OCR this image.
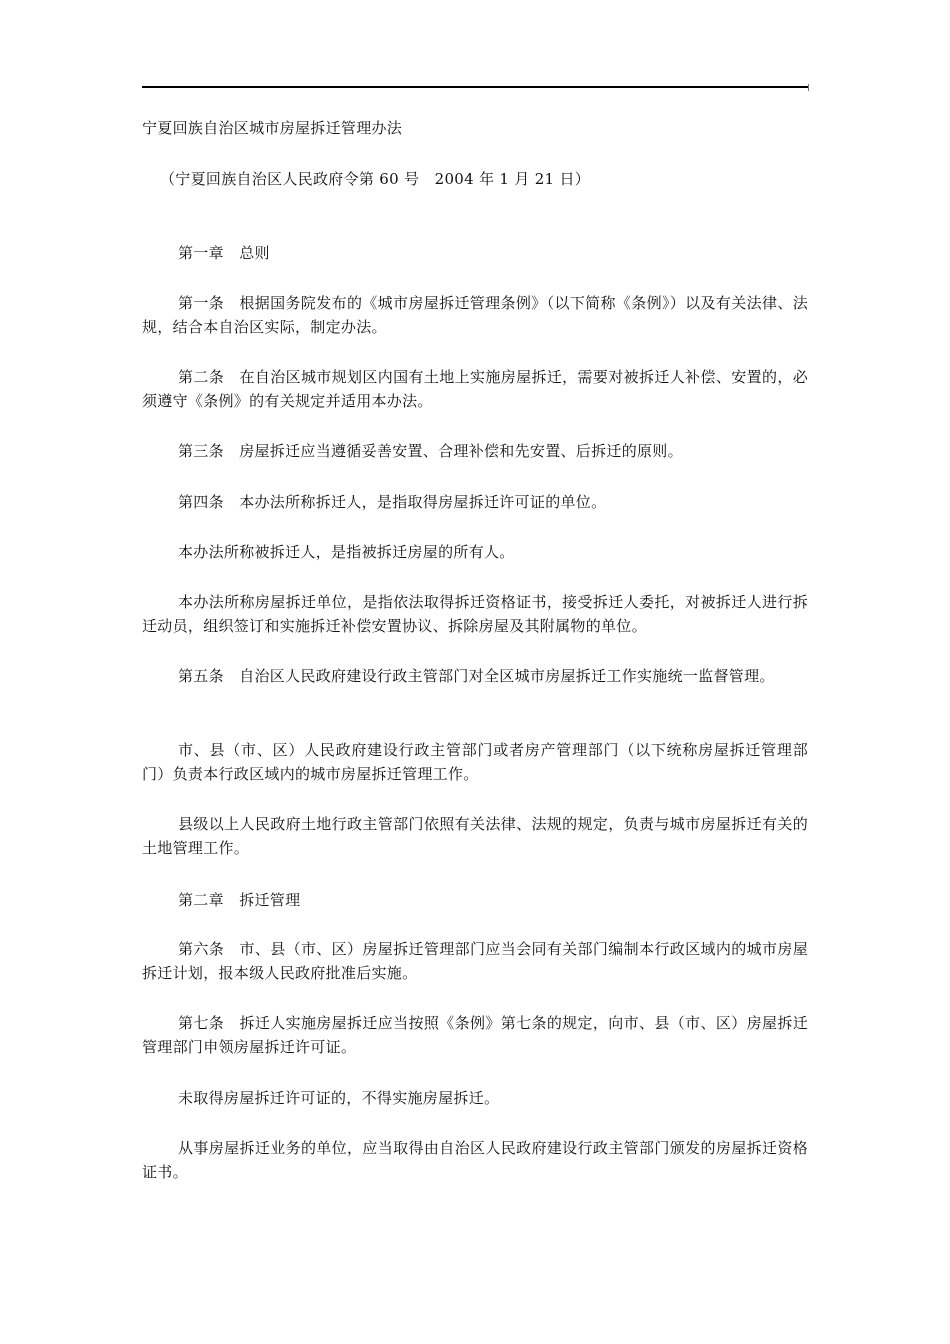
宁夏回族自治区城市房屋拆迁管理办法
（宁夏回族自治区人民政府令第 60 号　2004 年 1 月 21 日）
第一章　总则
第一条　根据国务院发布的《城市房屋拆迁管理条例》（以下简称《条例》）以及有关法律、法规，结合本自治区实际，制定办法。
第二条　在自治区城市规划区内国有土地上实施房屋拆迁，需要对被拆迁人补偿、安置的，必须遵守《条例》的有关规定并适用本办法。
第三条　房屋拆迁应当遵循妥善安置、合理补偿和先安置、后拆迁的原则。
第四条　本办法所称拆迁人，是指取得房屋拆迁许可证的单位。
本办法所称被拆迁人，是指被拆迁房屋的所有人。
本办法所称房屋拆迁单位，是指依法取得拆迁资格证书，接受拆迁人委托，对被拆迁人进行拆迁动员，组织签订和实施拆迁补偿安置协议、拆除房屋及其附属物的单位。
第五条　自治区人民政府建设行政主管部门对全区城市房屋拆迁工作实施统一监督管理。
市、县（市、区）人民政府建设行政主管部门或者房产管理部门（以下统称房屋拆迁管理部门）负责本行政区域内的城市房屋拆迁管理工作。
县级以上人民政府土地行政主管部门依照有关法律、法规的规定，负责与城市房屋拆迁有关的土地管理工作。
第二章　拆迁管理
第六条　市、县（市、区）房屋拆迁管理部门应当会同有关部门编制本行政区域内的城市房屋拆迁计划，报本级人民政府批准后实施。
第七条　拆迁人实施房屋拆迁应当按照《条例》第七条的规定，向市、县（市、区）房屋拆迁管理部门申领房屋拆迁许可证。
未取得房屋拆迁许可证的，不得实施房屋拆迁。
从事房屋拆迁业务的单位，应当取得由自治区人民政府建设行政主管部门颁发的房屋拆迁资格证书。
